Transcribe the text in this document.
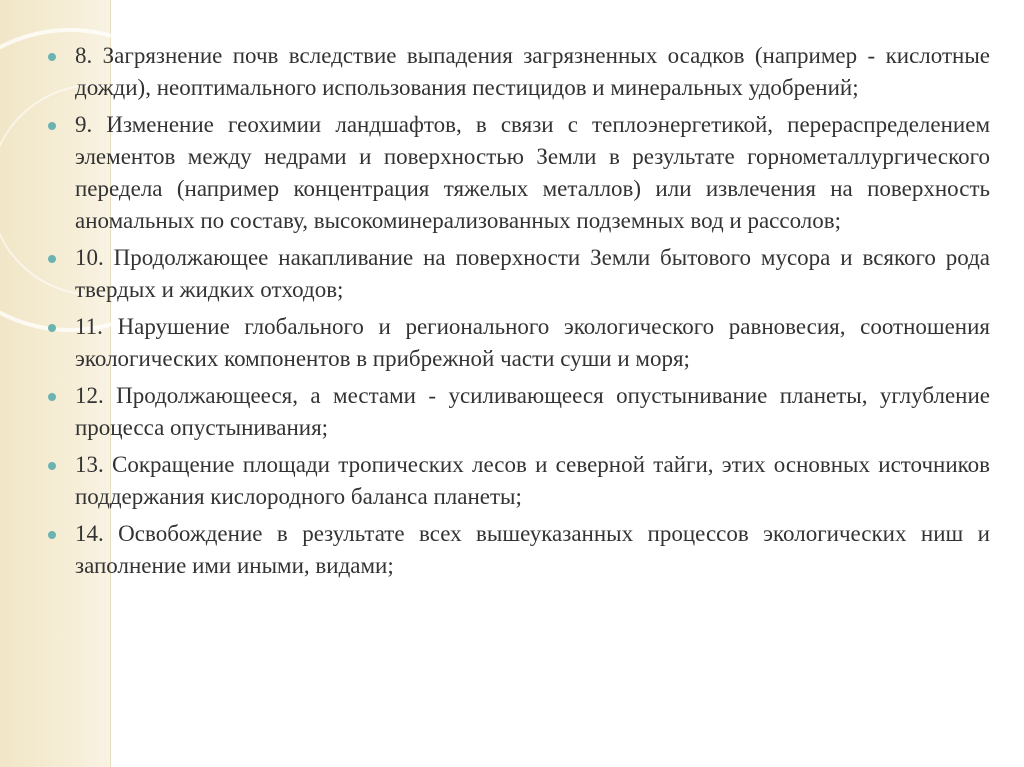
8. Загрязнение почв вследствие выпадения загрязненных осадков (например - кислотные дожди), неоптимального использования пестицидов и минеральных удобрений;
9. Изменение геохимии ландшафтов, в связи с теплоэнергетикой, перераспределением элементов между недрами и поверхностью Земли в результате горнометаллургического передела (например концентрация тяжелых металлов) или извлечения на поверхность аномальных по составу, высокоминерализованных подземных вод и рассолов;
10. Продолжающее накапливание на поверхности Земли бытового мусора и всякого рода твердых и жидких отходов;
11. Нарушение глобального и регионального экологического равновесия, соотношения экологических компонентов в прибрежной части суши и моря;
12. Продолжающееся, а местами - усиливающееся опустынивание планеты, углубление процесса опустынивания;
13. Сокращение площади тропических лесов и северной тайги, этих основных источников поддержания кислородного баланса планеты;
14. Освобождение в результате всех вышеуказанных процессов экологических ниш и заполнение ими иными, видами;
